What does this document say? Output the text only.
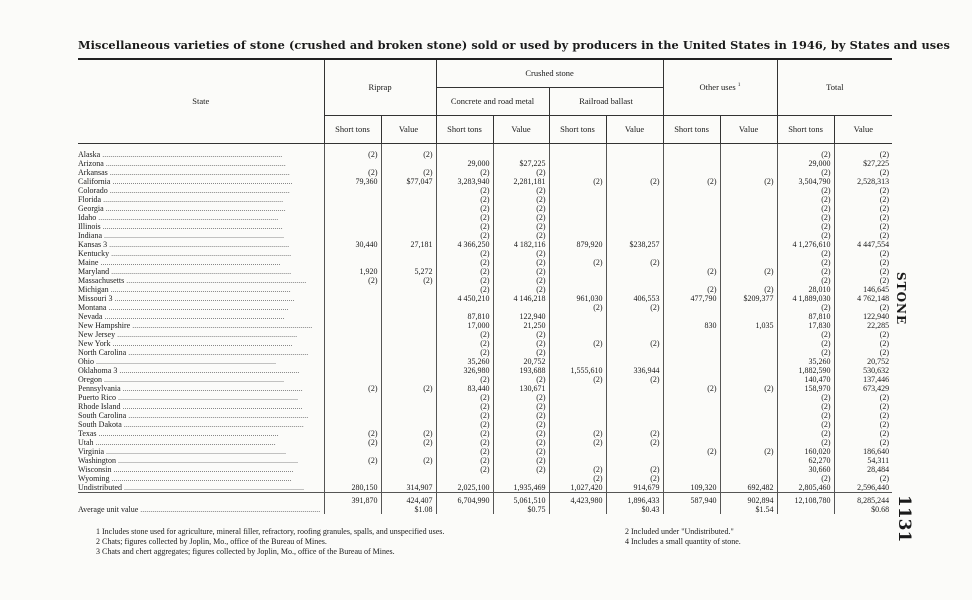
Miscellaneous varieties of stone (crushed and broken stone) sold or used by producers in the United States in 1946, by States and uses
STONE
1131
State	Riprap		Crushed stone				Other uses $^1$		Total	
			Concrete and road metal		Railroad ballast					
	Short tons	Value	Short tons	Value	Short tons	Value	Short tons	Value	Short tons	Value

Alaska ..........................................................................................	(2)	(2)							(2)	(2)
Arizona ..........................................................................................			29,000	$27,225					29,000	$27,225
Arkansas ..........................................................................................	(2)	(2)	(2)	(2)					(2)	(2)
California ..........................................................................................	79,360	$77,047	3,283,940	2,281,181	(2)	(2)	(2)	(2)	3,504,790	2,528,313
Colorado ..........................................................................................			(2)	(2)					(2)	(2)
Florida ..........................................................................................			(2)	(2)					(2)	(2)
Georgia ..........................................................................................			(2)	(2)					(2)	(2)
Idaho ..........................................................................................			(2)	(2)					(2)	(2)
Illinois ..........................................................................................			(2)	(2)					(2)	(2)
Indiana ..........................................................................................			(2)	(2)					(2)	(2)
Kansas 3 ..........................................................................................	30,440	27,181	4 366,250	4 182,116	879,920	$238,257			4 1,276,610	4 447,554
Kentucky ..........................................................................................			(2)	(2)					(2)	(2)
Maine ..........................................................................................			(2)	(2)	(2)	(2)			(2)	(2)
Maryland ..........................................................................................	1,920	5,272	(2)	(2)			(2)	(2)	(2)	(2)
Massachusetts ..........................................................................................	(2)	(2)	(2)	(2)					(2)	(2)
Michigan ..........................................................................................			(2)	(2)			(2)	(2)	28,010	146,645
Missouri 3 ..........................................................................................			4 450,210	4 146,218	961,030	406,553	477,790	$209,377	4 1,889,030	4 762,148
Montana ..........................................................................................					(2)	(2)			(2)	(2)
Nevada ..........................................................................................			87,810	122,940					87,810	122,940
New Hampshire ..........................................................................................			17,000	21,250			830	1,035	17,830	22,285
New Jersey ..........................................................................................			(2)	(2)					(2)	(2)
New York ..........................................................................................			(2)	(2)	(2)	(2)			(2)	(2)
North Carolina ..........................................................................................			(2)	(2)					(2)	(2)
Ohio ..........................................................................................			35,260	20,752					35,260	20,752
Oklahoma 3 ..........................................................................................			326,980	193,688	1,555,610	336,944			1,882,590	530,632
Oregon ..........................................................................................			(2)	(2)	(2)	(2)			140,470	137,446
Pennsylvania ..........................................................................................	(2)	(2)	83,440	130,671			(2)	(2)	158,970	673,429
Puerto Rico ..........................................................................................			(2)	(2)					(2)	(2)
Rhode Island ..........................................................................................			(2)	(2)					(2)	(2)
South Carolina ..........................................................................................			(2)	(2)					(2)	(2)
South Dakota ..........................................................................................			(2)	(2)					(2)	(2)
Texas ..........................................................................................	(2)	(2)	(2)	(2)	(2)	(2)			(2)	(2)
Utah ..........................................................................................	(2)	(2)	(2)	(2)	(2)	(2)			(2)	(2)
Virginia ..........................................................................................			(2)	(2)			(2)	(2)	160,020	186,640
Washington ..........................................................................................	(2)	(2)	(2)	(2)					62,270	54,311
Wisconsin ..........................................................................................			(2)	(2)	(2)	(2)			30,660	28,484
Wyoming ..........................................................................................					(2)	(2)			(2)	(2)
Undistributed ..........................................................................................	280,150	314,907	2,025,100	1,935,469	1,027,420	914,679	109,320	692,482	2,805,460	2,596,440
	391,870	424,407	6,704,990	5,061,510	4,423,980	1,896,433	587,940	902,894	12,108,780	8,285,244
Average unit value ..........................................................................................		$1.08		$0.75		$0.43		$1.54		$0.68
1 Includes stone used for agriculture, mineral filler, refractory, roofing granules, spalls, and unspecified uses.
2 Chats; figures collected by Joplin, Mo., office of the Bureau of Mines.
3 Chats and chert aggregates; figures collected by Joplin, Mo., office of the Bureau of Mines.
2 Included under "Undistributed."
4 Includes a small quantity of stone.
